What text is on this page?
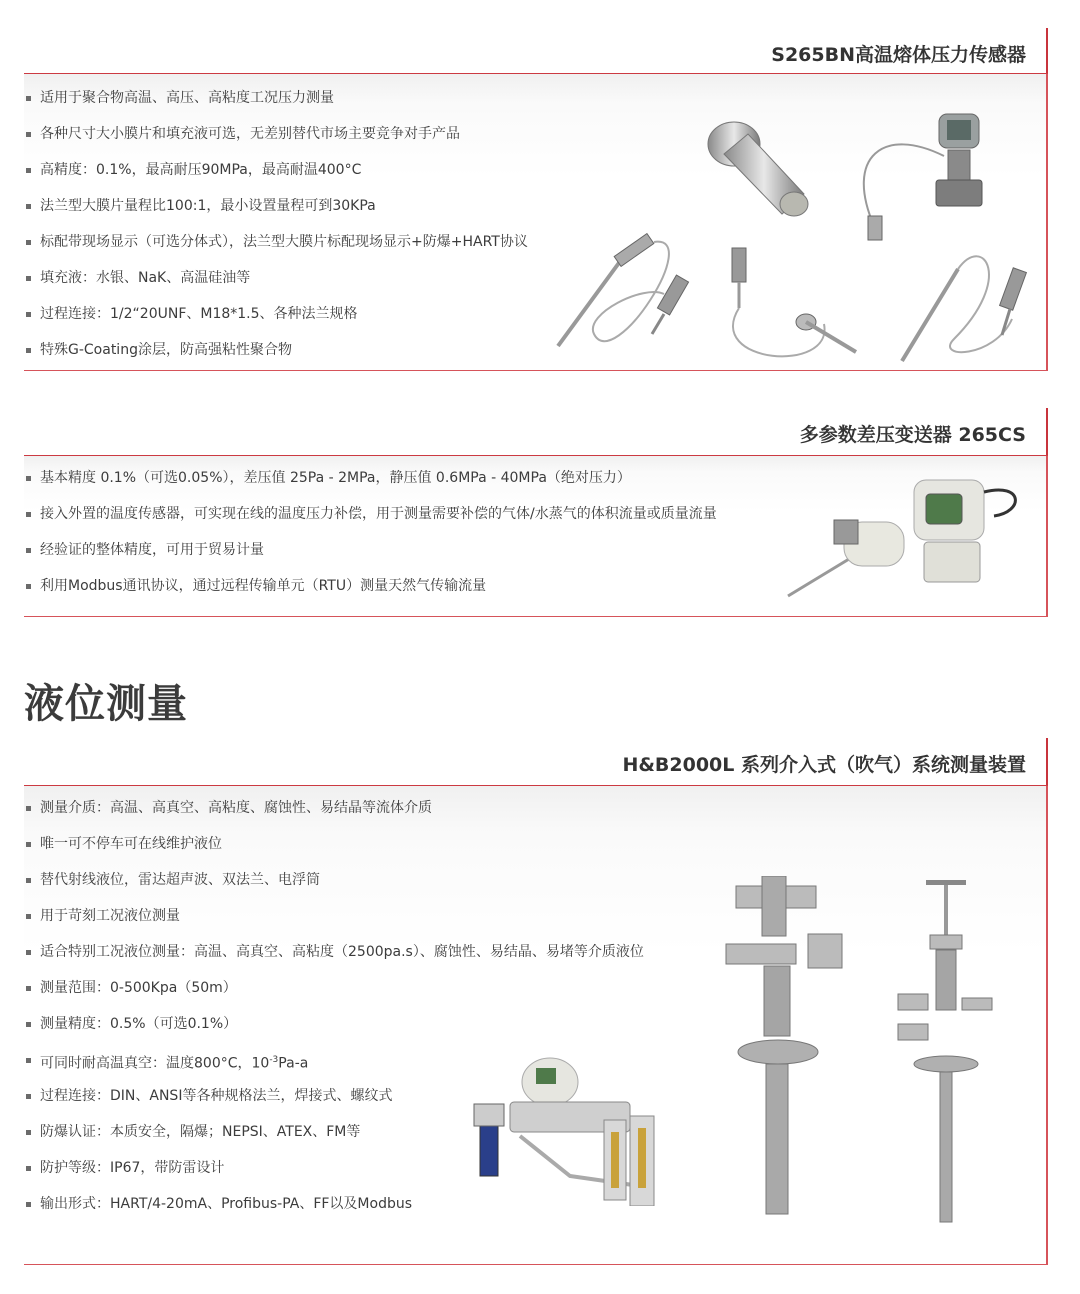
S265BN高温熔体压力传感器
适用于聚合物高温、高压、高粘度工况压力测量
各种尺寸大小膜片和填充液可选，无差别替代市场主要竞争对手产品
高精度：0.1%，最高耐压90MPa，最高耐温400°C
法兰型大膜片量程比100:1，最小设置量程可到30KPa
标配带现场显示（可选分体式），法兰型大膜片标配现场显示+防爆+HART协议
填充液：水银、NaK、高温硅油等
过程连接：1/2“20UNF、M18*1.5、各种法兰规格
特殊G-Coating涂层，防高强粘性聚合物
多参数差压变送器 265CS
基本精度 0.1%（可选0.05%），差压值 25Pa - 2MPa，静压值 0.6MPa - 40MPa（绝对压力）
接入外置的温度传感器，可实现在线的温度压力补偿，用于测量需要补偿的气体/水蒸气的体积流量或质量流量
经验证的整体精度，可用于贸易计量
利用Modbus通讯协议，通过远程传输单元（RTU）测量天然气传输流量
液位测量
H&B2000L 系列介入式（吹气）系统测量装置
测量介质：高温、高真空、高粘度、腐蚀性、易结晶等流体介质
唯一可不停车可在线维护液位
替代射线液位，雷达超声波、双法兰、电浮筒
用于苛刻工况液位测量
适合特别工况液位测量：高温、高真空、高粘度（2500pa.s）、腐蚀性、易结晶、易堵等介质液位
测量范围：0-500Kpa（50m）
测量精度：0.5%（可选0.1%）
可同时耐高温真空：温度800°C，$10^{-3}Pa-a$
过程连接：DIN、ANSI等各种规格法兰，焊接式、螺纹式
防爆认证：本质安全，隔爆；NEPSI、ATEX、FM等
防护等级：IP67，带防雷设计
输出形式：HART/4-20mA、Profibus-PA、FF以及Modbus
